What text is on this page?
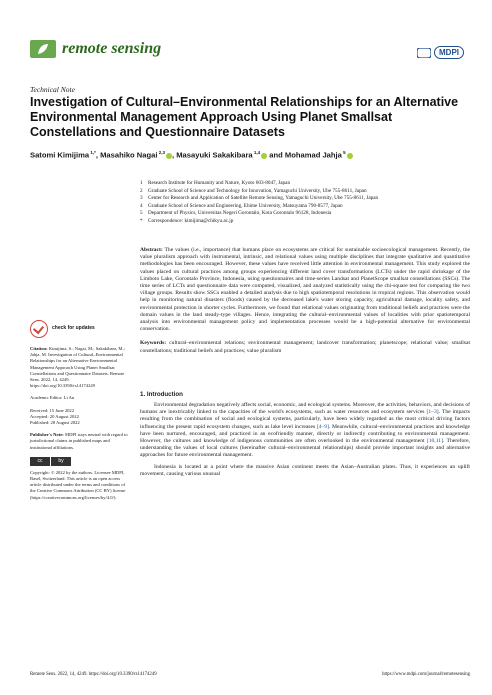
remote sensing	MDPI
Technical Note
Investigation of Cultural–Environmental Relationships for an Alternative Environmental Management Approach Using Planet Smallsat Constellations and Questionnaire Datasets
Satomi Kimijima $^{1,*}$, Masahiko Nagai $^{2,3}$ , Masayuki Sakakibara $^{1,4}$ and Mohamad Jahja $^5$
1	Research Institute for Humanity and Nature, Kyoto 603-8047, Japan
2	Graduate School of Science and Technology for Innovation, Yamaguchi University, Ube 755-8611, Japan
3	Center for Research and Application of Satellite Remote Sensing, Yamaguchi University, Ube 755-8611, Japan
4	Graduate School of Science and Engineering, Ehime University, Matsuyama 790-8577, Japan
5	Department of Physics, Universitas Negeri Gorontalo, Kota Gorontalo 96128, Indonesia
*	Correspondence: kimijima@chikyu.ac.jp
check for updates
Citation: Kimijima, S.; Nagai, M.; Sakakibara, M.; Jahja, M. Investigation of Cultural–Environmental Relationships for an Alternative Environmental Management Approach Using Planet Smallsat Constellations and Questionnaire Datasets. Remote Sens. 2022, 14, 4249. https://doi.org/10.3390/rs14174249
Academic Editor: Li An
Received: 15 June 2022
Accepted: 20 August 2022
Published: 28 August 2022
Publisher's Note: MDPI stays neutral with regard to jurisdictional claims in published maps and institutional affiliations.
cc	by
Copyright: © 2022 by the authors. Licensee MDPI, Basel, Switzerland. This article is an open access article distributed under the terms and conditions of the Creative Commons Attribution (CC BY) license (https://creativecommons.org/licenses/by/4.0/).
Abstract: The values (i.e., importance) that humans place on ecosystems are critical for sustainable socioecological management. Recently, the value pluralism approach with instrumental, intrinsic, and relational values using multiple disciplines that integrate qualitative and quantitative methodologies has been encouraged. However, these values have received little attention in environmental management. This study explored the values placed on cultural practices among groups experiencing different land cover transformations (LCTs) under the rapid shrinkage of the Limboto Lake, Gorontalo Province, Indonesia, using questionnaires and time-series Landsat and PlanetScope smallsat constellations (SSCs). The time series of LCTs and questionnaire data were computed, visualized, and analyzed statistically using the chi-square test for comparing the two village groups. Results show SSCs enabled a detailed analysis due to high spatiotemporal resolutions in tropical regions. This observation would help in monitoring natural disasters (floods) caused by the decreased lake's water storing capacity, agricultural damage, locality safety, and environmental protection in shorter cycles. Furthermore, we found that relational values originating from traditional beliefs and practices were the domain values in the land steady-type villages. Hence, integrating the cultural–environmental values of localities with prior spatiotemporal analysis into environmental management policy and implementation processes would be a high-potential alternative for environmental conservation.
Keywords: cultural–environmental relations; environmental management; landcover transformation; planetscope; relational value; smallsat constellations; traditional beliefs and practices; value pluralism
1. Introduction
Environmental degradation negatively affects social, economic, and ecological systems. Moreover, the activities, behaviors, and decisions of humans are inextricably linked to the capacities of the world's ecosystems, such as water resources and ecosystem services [1–3]. The impacts resulting from the combination of social and ecological systems, particularly, have been widely regarded as the most critical driving factors influencing the present rapid ecosystem changes, such as lake level increases [4–9]. Meanwhile, cultural–environmental practices and knowledge have been nurtured, encouraged, and practiced in an ecofriendly manner, directly or indirectly contributing to environmental management. However, the cultures and knowledge of indigenous communities are often overlooked in the environmental management [10,11]. Therefore, understanding the values of local cultures (hereinafter cultural–environmental relationships) should provide important insights and alternative approaches for future environmental management.
Indonesia is located at a point where the massive Asian continent meets the Asian–Australian plates. Thus, it experiences an uplift movement, causing various unusual
Remote Sens. 2022, 14, 4249. https://doi.org/10.3390/rs14174249	https://www.mdpi.com/journal/remotesensing
